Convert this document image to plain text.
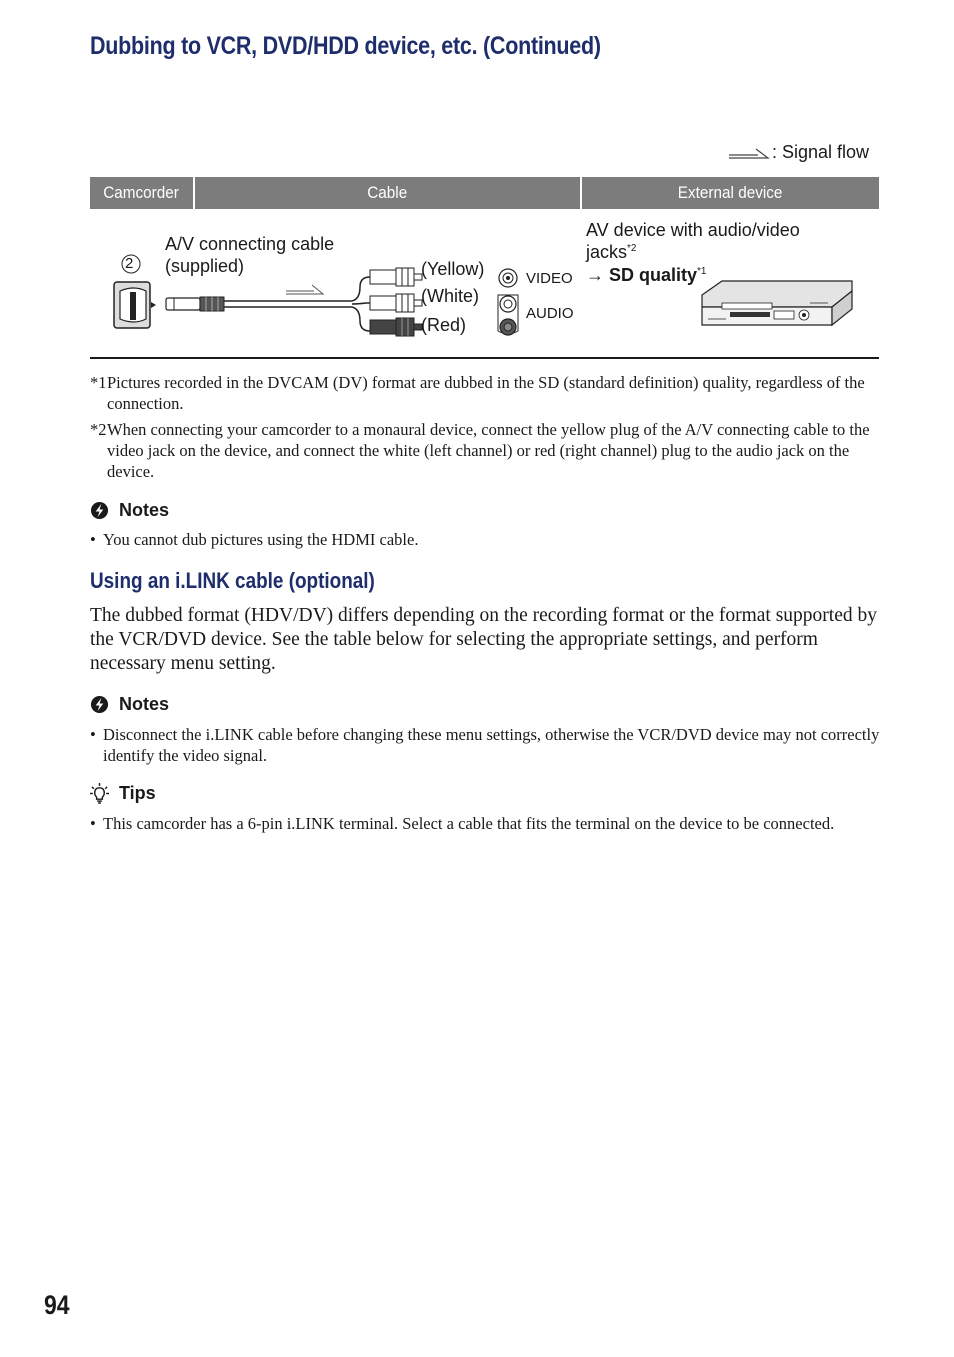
Dubbing to VCR, DVD/HDD device, etc. (Continued)
: Signal flow
Camcorder	Cable	External device
2
A/V connecting cable
(supplied)	(Yellow)
(White)
(Red)
VIDEO
AUDIO
AV device with audio/video
jacks$^{*2}$
→ SD quality$^{*1}$
*1 Pictures recorded in the DVCAM (DV) format are dubbed in the SD (standard definition) quality, regardless of the connection.
*2 When connecting your camcorder to a monaural device, connect the yellow plug of the A/V connecting cable to the video jack on the device, and connect the white (left channel) or red (right channel) plug to the audio jack on the device.
Notes
• You cannot dub pictures using the HDMI cable.
Using an i.LINK cable (optional)
The dubbed format (HDV/DV) differs depending on the recording format or the format supported by the VCR/DVD device. See the table below for selecting the appropriate settings, and perform necessary menu setting.
Notes
• Disconnect the i.LINK cable before changing these menu settings, otherwise the VCR/DVD device may not correctly identify the video signal.
Tips
• This camcorder has a 6-pin i.LINK terminal. Select a cable that fits the terminal on the device to be connected.
94
